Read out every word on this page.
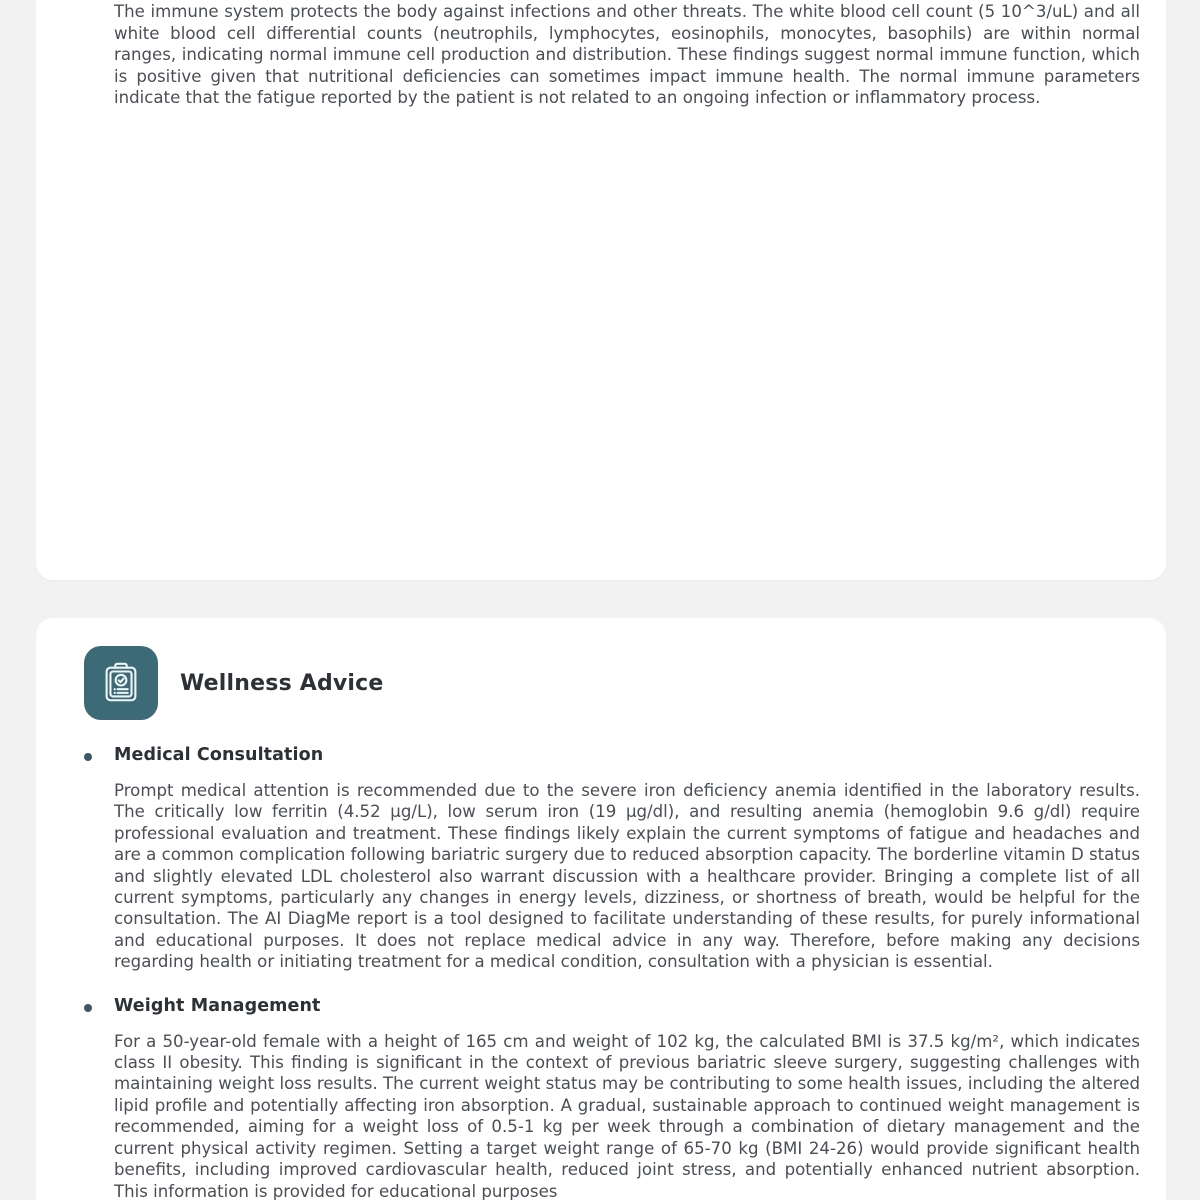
The immune system protects the body against infections and other threats. The white blood cell count (5 10^3/uL) and all white blood cell differential counts (neutrophils, lymphocytes, eosinophils, monocytes, basophils) are within normal ranges, indicating normal immune cell production and distribution. These findings suggest normal immune function, which is positive given that nutritional deficiencies can sometimes impact immune health. The normal immune parameters indicate that the fatigue reported by the patient is not related to an ongoing infection or inflammatory process.

Wellness Advice
Medical Consultation

Prompt medical attention is recommended due to the severe iron deficiency anemia identified in the laboratory results. The critically low ferritin (4.52 µg/L), low serum iron (19 µg/dl), and resulting anemia (hemoglobin 9.6 g/dl) require professional evaluation and treatment. These findings likely explain the current symptoms of fatigue and headaches and are a common complication following bariatric surgery due to reduced absorption capacity. The borderline vitamin D status and slightly elevated LDL cholesterol also warrant discussion with a healthcare provider. Bringing a complete list of all current symptoms, particularly any changes in energy levels, dizziness, or shortness of breath, would be helpful for the consultation. The AI DiagMe report is a tool designed to facilitate understanding of these results, for purely informational and educational purposes. It does not replace medical advice in any way. Therefore, before making any decisions regarding health or initiating treatment for a medical condition, consultation with a physician is essential.

Weight Management

For a 50-year-old female with a height of 165 cm and weight of 102 kg, the calculated BMI is 37.5 kg/m², which indicates class II obesity. This finding is significant in the context of previous bariatric sleeve surgery, suggesting challenges with maintaining weight loss results. The current weight status may be contributing to some health issues, including the altered lipid profile and potentially affecting iron absorption. A gradual, sustainable approach to continued weight management is recommended, aiming for a weight loss of 0.5-1 kg per week through a combination of dietary management and the current physical activity regimen. Setting a target weight range of 65-70 kg (BMI 24-26) would provide significant health benefits, including improved cardiovascular health, reduced joint stress, and potentially enhanced nutrient absorption. This information is provided for educational purposes
